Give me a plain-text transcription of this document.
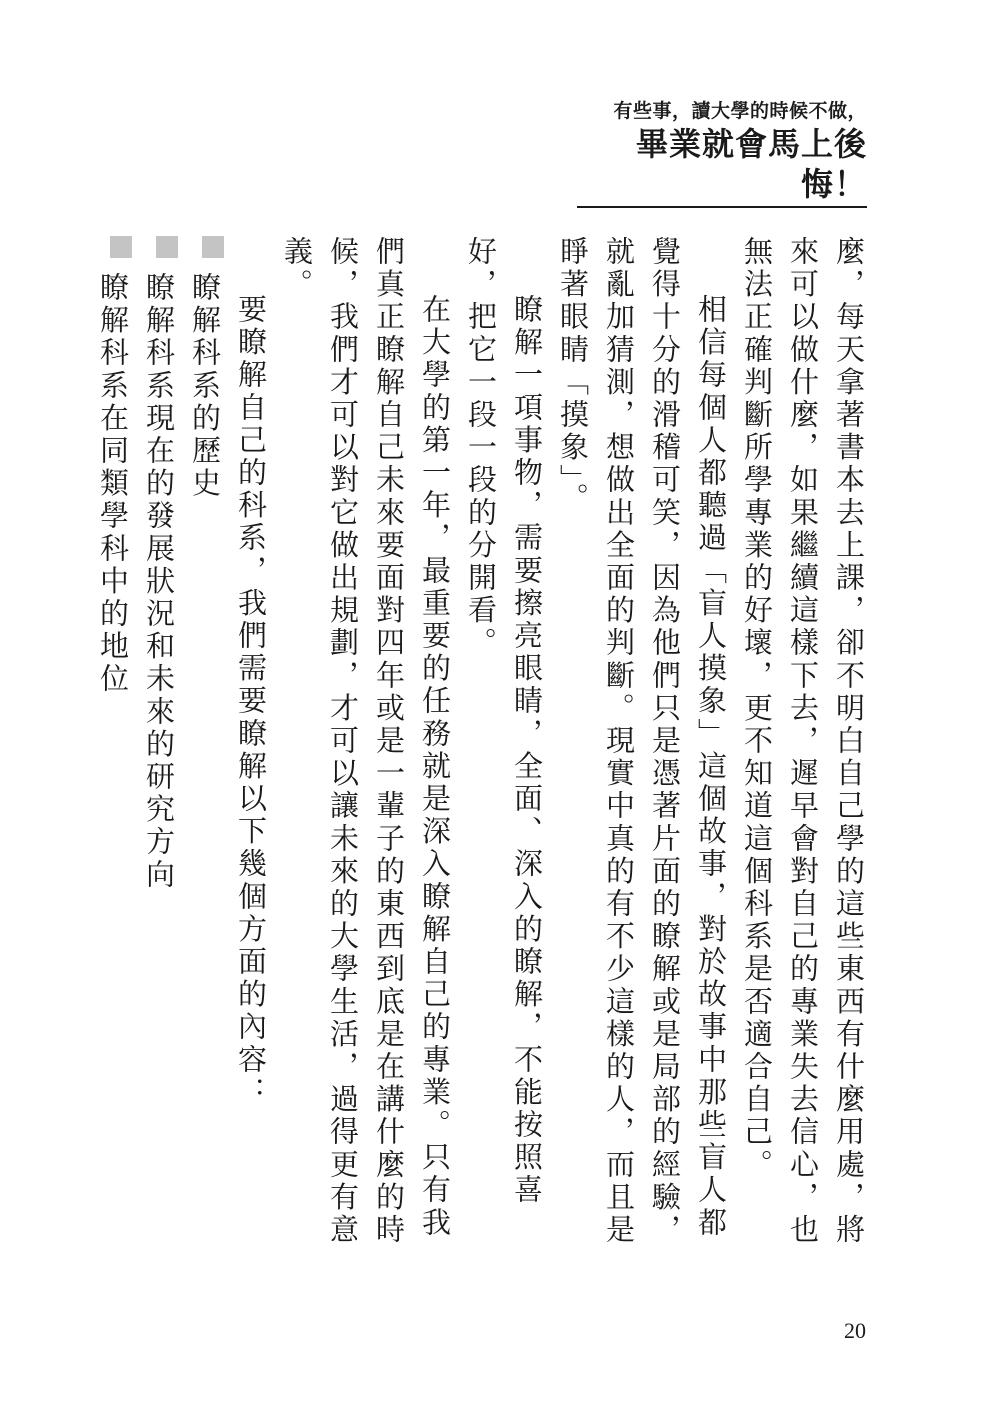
有些事，讀大學的時候不做，
畢業就會馬上後悔！

麼，每天拿著書本去上課，卻不明白自己學的這些東西有什麼用處，將來可以做什麼，如果繼續這樣下去，遲早會對自己的專業失去信心，也無法正確判斷所學專業的好壞，更不知道這個科系是否適合自己。

相信每個人都聽過「盲人摸象」這個故事，對於故事中那些盲人都覺得十分的滑稽可笑，因為他們只是憑著片面的瞭解或是局部的經驗，就亂加猜測，想做出全面的判斷。現實中真的有不少這樣的人，而且是睜著眼睛「摸象」。

瞭解一項事物，需要擦亮眼睛，全面、深入的瞭解，不能按照喜好，把它一段一段的分開看。

在大學的第一年，最重要的任務就是深入瞭解自己的專業。只有我們真正瞭解自己未來要面對四年或是一輩子的東西到底是在講什麼的時候，我們才可以對它做出規劃，才可以讓未來的大學生活，過得更有意義。

要瞭解自己的科系，我們需要瞭解以下幾個方面的內容：

瞭解科系的歷史
瞭解科系現在的發展狀況和未來的研究方向
瞭解科系在同類學科中的地位
20
